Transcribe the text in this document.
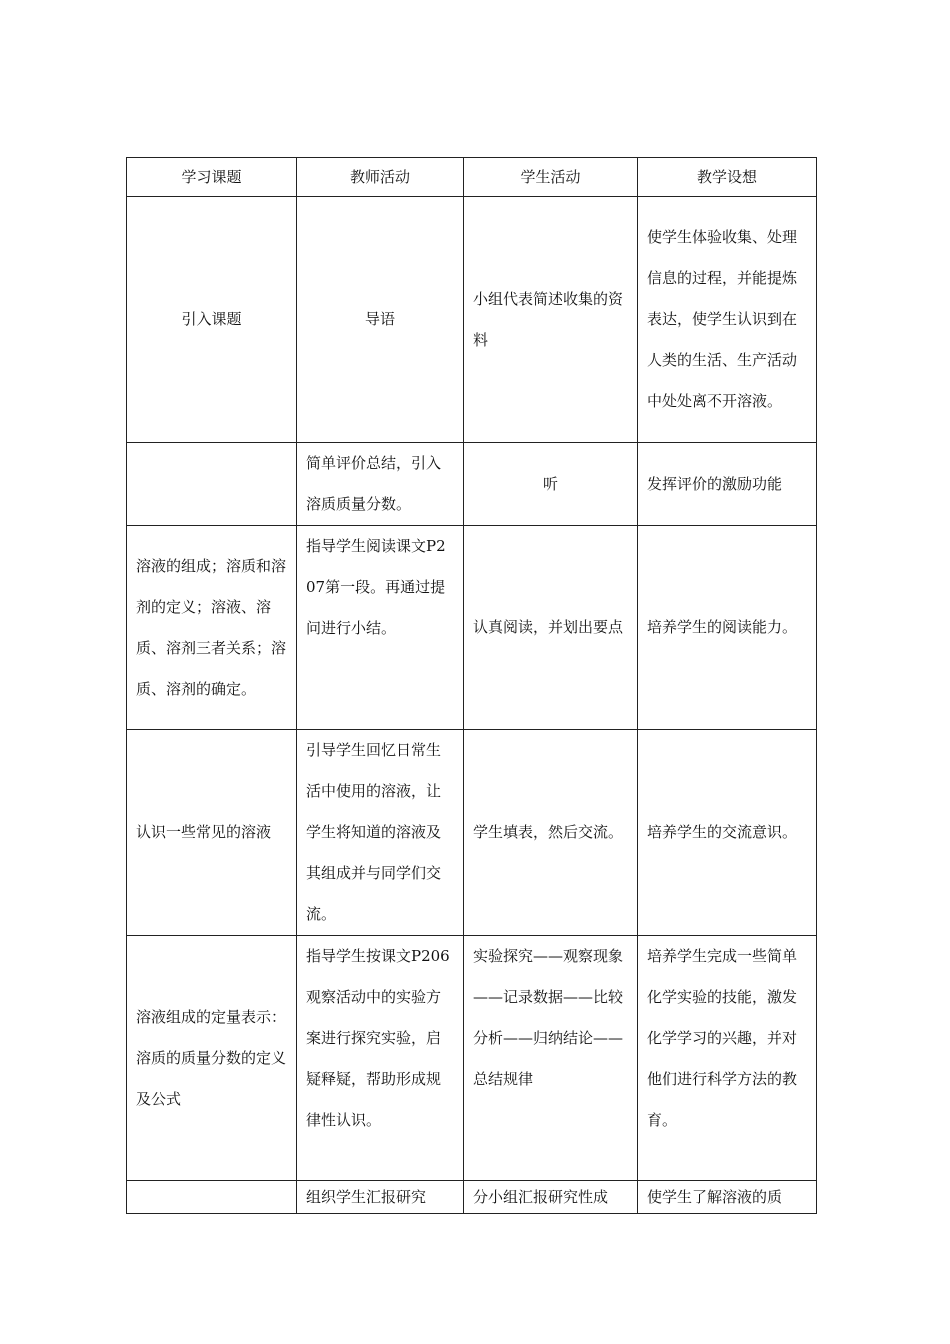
学习课题	教师活动	学生活动	教学设想
引入课题	导语	小组代表简述收集的资料	使学生体验收集、处理信息的过程，并能提炼表达，使学生认识到在人类的生活、生产活动中处处离不开溶液。
	简单评价总结，引入溶质质量分数。	听	发挥评价的激励功能
溶液的组成；溶质和溶剂的定义；溶液、溶质、溶剂三者关系；溶质、溶剂的确定。	指导学生阅读课文P207第一段。再通过提问进行小结。	认真阅读，并划出要点	培养学生的阅读能力。
认识一些常见的溶液	引导学生回忆日常生活中使用的溶液，让学生将知道的溶液及其组成并与同学们交流。	学生填表，然后交流。	培养学生的交流意识。
溶液组成的定量表示：溶质的质量分数的定义及公式	指导学生按课文P206观察活动中的实验方案进行探究实验，启疑释疑，帮助形成规律性认识。	实验探究——观察现象——记录数据——比较分析——归纳结论——总结规律	培养学生完成一些简单化学实验的技能，激发化学学习的兴趣，并对他们进行科学方法的教育。
	组织学生汇报研究	分小组汇报研究性成	使学生了解溶液的质
